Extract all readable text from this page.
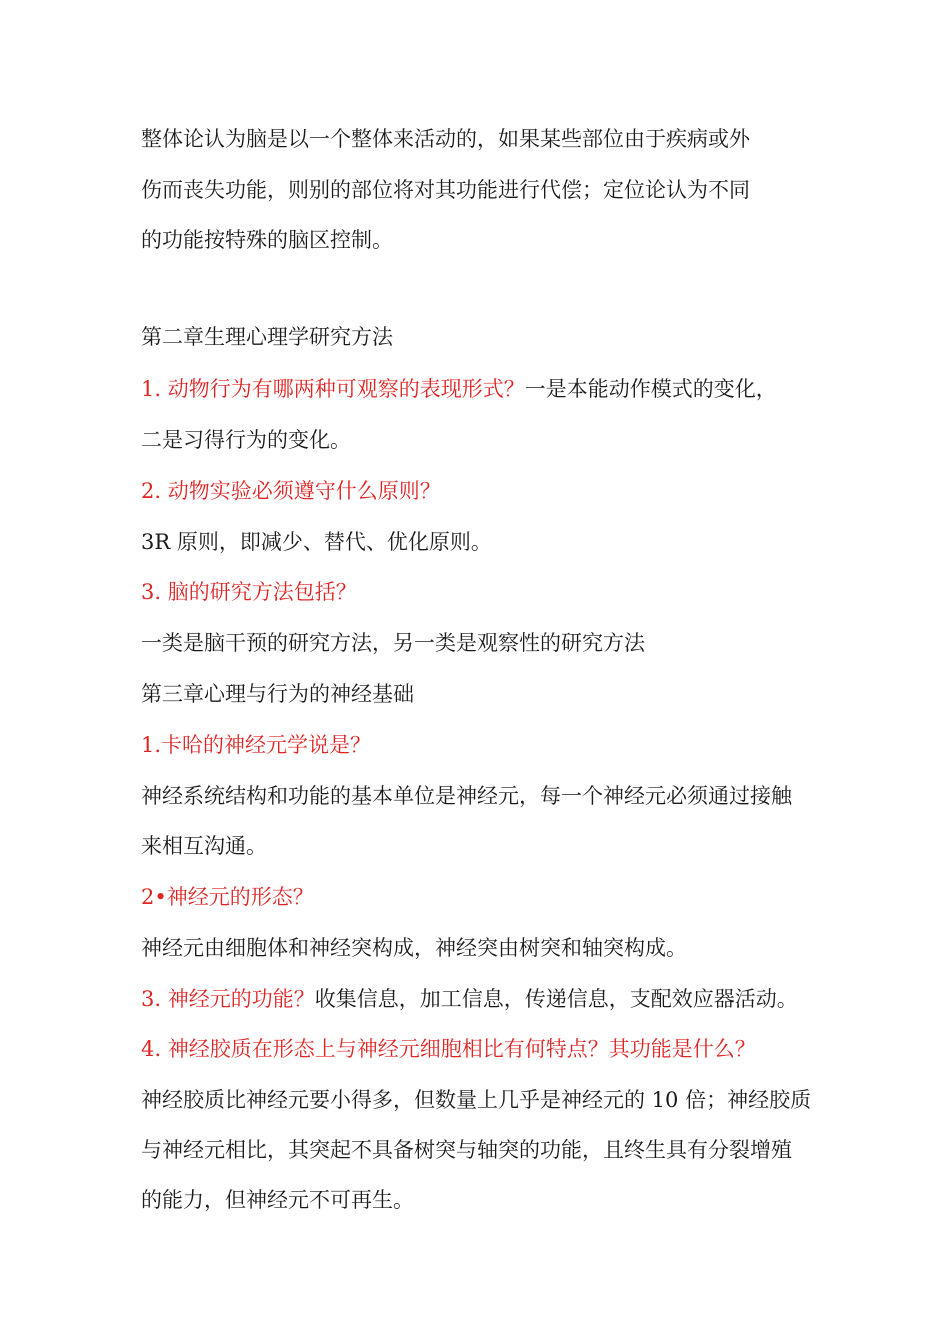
整体论认为脑是以一个整体来活动的，如果某些部位由于疾病或外
伤而丧失功能，则别的部位将对其功能进行代偿；定位论认为不同
的功能按特殊的脑区控制。
第二章生理心理学研究方法
1. 动物行为有哪两种可观察的表现形式？一是本能动作模式的变化，
二是习得行为的变化。
2. 动物实验必须遵守什么原则？
3R 原则，即减少、替代、优化原则。
3. 脑的研究方法包括？
一类是脑干预的研究方法，另一类是观察性的研究方法
第三章心理与行为的神经基础
1.卡哈的神经元学说是？
神经系统结构和功能的基本单位是神经元，每一个神经元必须通过接触
来相互沟通。
2•神经元的形态？
神经元由细胞体和神经突构成，神经突由树突和轴突构成。
3. 神经元的功能？收集信息，加工信息，传递信息，支配效应器活动。
4. 神经胶质在形态上与神经元细胞相比有何特点？其功能是什么？
神经胶质比神经元要小得多，但数量上几乎是神经元的 10 倍；神经胶质
与神经元相比，其突起不具备树突与轴突的功能，且终生具有分裂增殖
的能力，但神经元不可再生。
